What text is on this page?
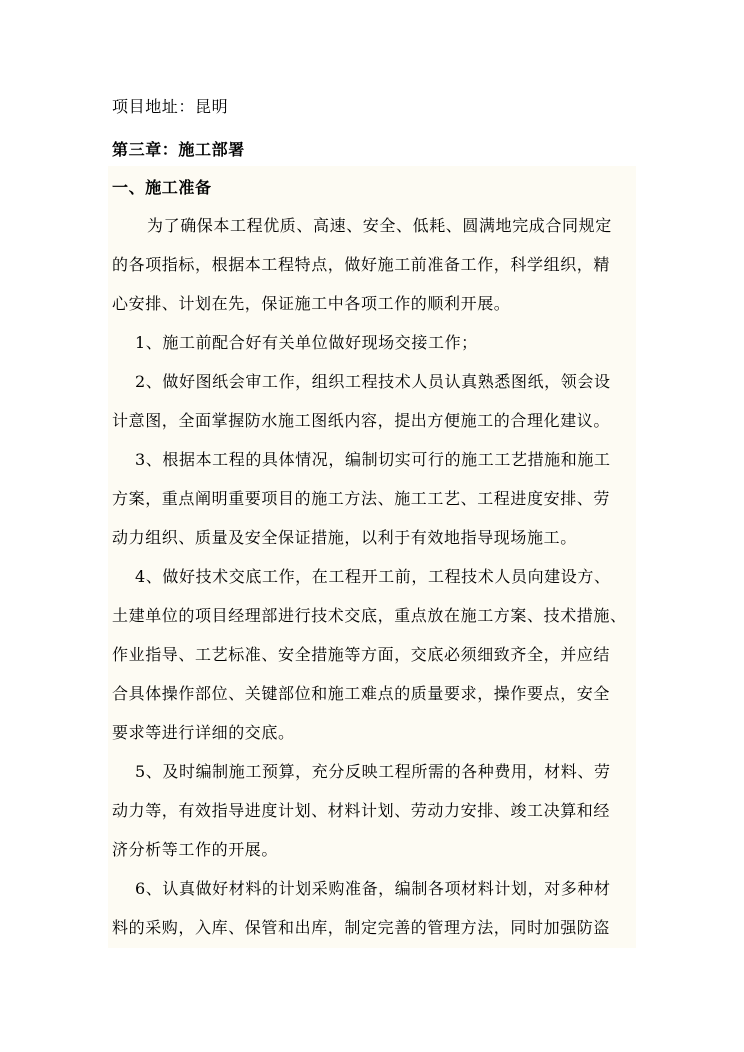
项目地址：昆明
第三章：施工部署
一、施工准备
为了确保本工程优质、高速、安全、低耗、圆满地完成合同规定
的各项指标，根据本工程特点，做好施工前准备工作，科学组织，精
心安排、计划在先，保证施工中各项工作的顺利开展。
1、施工前配合好有关单位做好现场交接工作；
2、做好图纸会审工作，组织工程技术人员认真熟悉图纸，领会设
计意图，全面掌握防水施工图纸内容，提出方便施工的合理化建议。
3、根据本工程的具体情况，编制切实可行的施工工艺措施和施工
方案，重点阐明重要项目的施工方法、施工工艺、工程进度安排、劳
动力组织、质量及安全保证措施，以利于有效地指导现场施工。
4、做好技术交底工作，在工程开工前，工程技术人员向建设方、
土建单位的项目经理部进行技术交底，重点放在施工方案、技术措施、
作业指导、工艺标准、安全措施等方面，交底必须细致齐全，并应结
合具体操作部位、关键部位和施工难点的质量要求，操作要点，安全
要求等进行详细的交底。
5、及时编制施工预算，充分反映工程所需的各种费用，材料、劳
动力等，有效指导进度计划、材料计划、劳动力安排、竣工决算和经
济分析等工作的开展。
6、认真做好材料的计划采购准备，编制各项材料计划，对多种材
料的采购，入库、保管和出库，制定完善的管理方法，同时加强防盗
